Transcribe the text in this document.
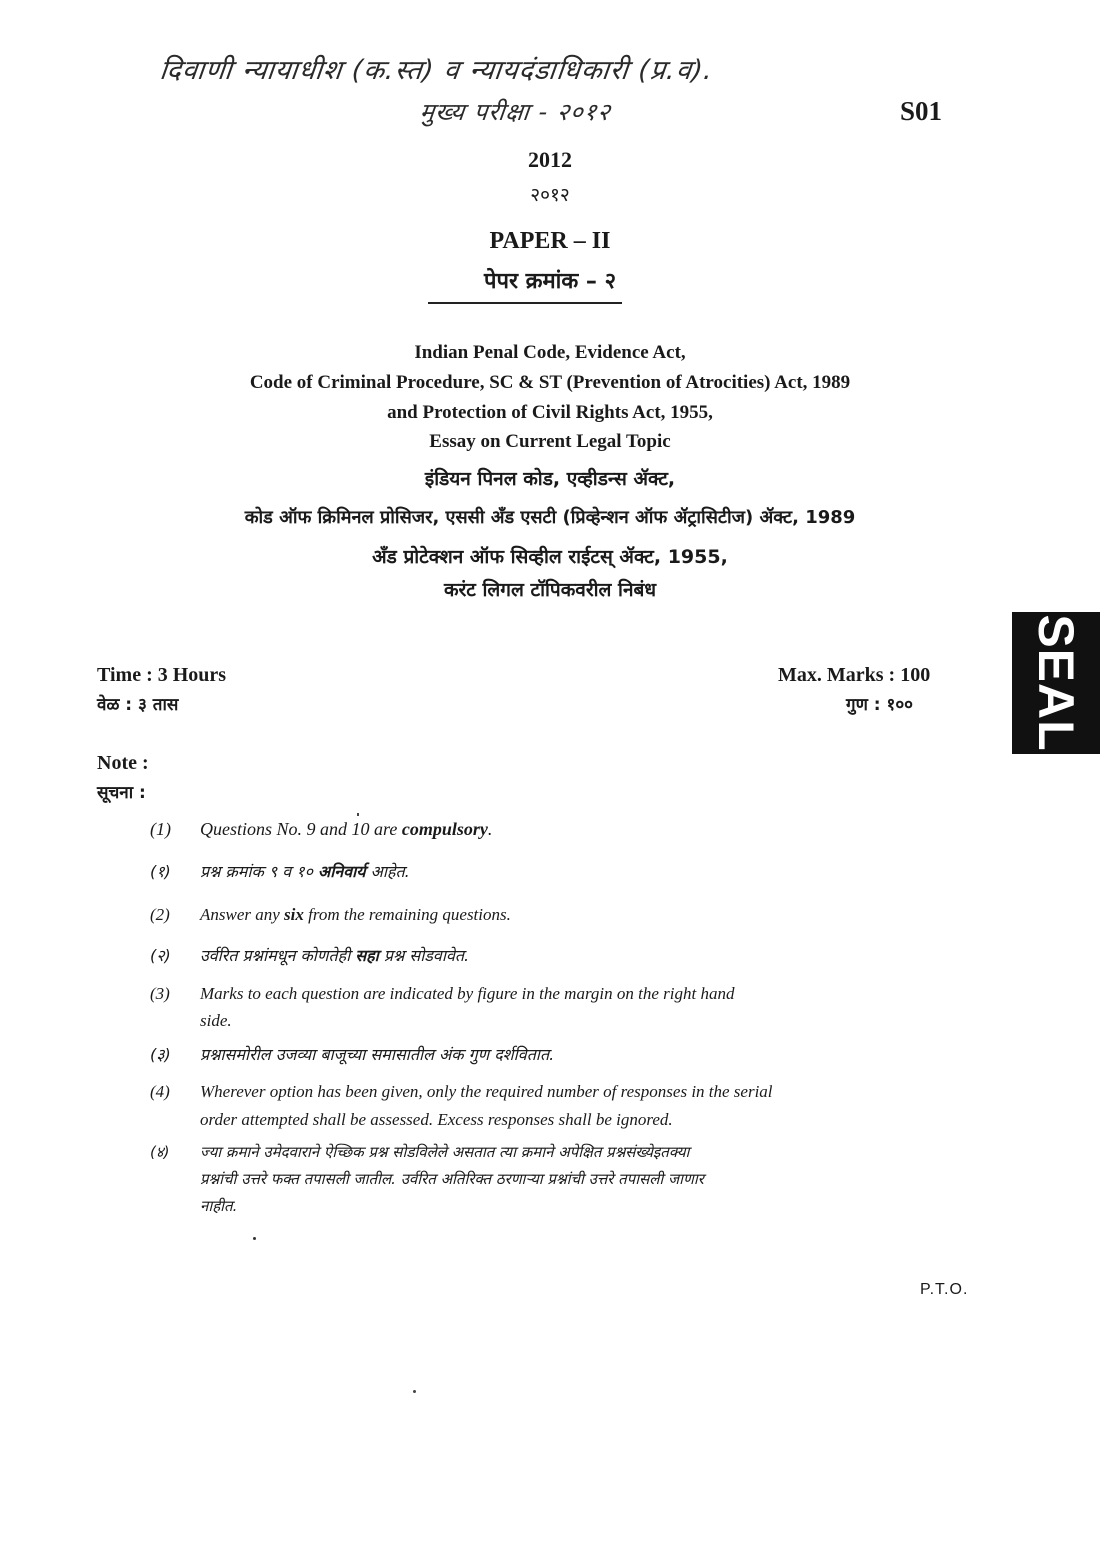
दिवाणी न्यायाधीश (क.स्त) व न्यायदंडाधिकारी (प्र.व).
मुख्य परीक्षा - २०१२	S01
2012
२०१२
PAPER – II
पेपर क्रमांक – २
Indian Penal Code, Evidence Act,
Code of Criminal Procedure, SC & ST (Prevention of Atrocities) Act, 1989
and Protection of Civil Rights Act, 1955,
Essay on Current Legal Topic
इंडियन पिनल कोड, एव्हीडन्स ॲक्ट,
कोड ऑफ क्रिमिनल प्रोसिजर, एससी अँड एसटी (प्रिव्हेन्शन ऑफ ॲट्रासिटीज) ॲक्ट, 1989
अँड प्रोटेक्शन ऑफ सिव्हील राईटस् ॲक्ट, 1955,
करंट लिगल टॉपिकवरील निबंध
SEAL
Time : 3 Hours
वेळ : ३ तास
Max. Marks : 100
गुण : १००
Note :
सूचना :
(1)	Questions No. 9 and 10 are compulsory.
(१)	प्रश्न क्रमांक ९ व १० अनिवार्य आहेत.
(2)	Answer any six from the remaining questions.
(२)	उर्वरित प्रश्नांमधून कोणतेही सहा प्रश्न सोडवावेत.
(3)	Marks to each question are indicated by figure in the margin on the right hand
side.
(३)	प्रश्नासमोरील उजव्या बाजूच्या समासातील अंक गुण दर्शवितात.
(4)	Wherever option has been given, only the required number of responses in the serial
order attempted shall be assessed. Excess responses shall be ignored.
(४)	ज्या क्रमाने उमेदवाराने ऐच्छिक प्रश्न सोडविलेले असतात त्या क्रमाने अपेक्षित प्रश्नसंख्येइतक्या
प्रश्नांची उत्तरे फक्त तपासली जातील. उर्वरित अतिरिक्त ठरणाऱ्या प्रश्नांची उत्तरे तपासली जाणार
नाहीत.
P.T.O.
